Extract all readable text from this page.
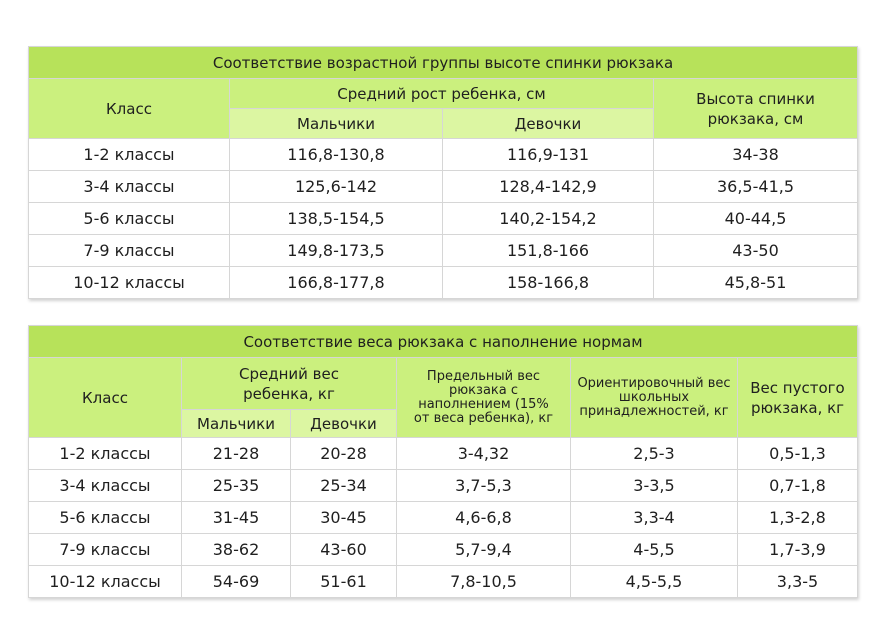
Соответствие возрастной группы высоте спинки рюкзака			
Класс	Средний рост ребенка, см		Высота спинки рюкзака, см
	Мальчики	Девочки	
1-2 классы	116,8-130,8	116,9-131	34-38
3-4 классы	125,6-142	128,4-142,9	36,5-41,5
5-6 классы	138,5-154,5	140,2-154,2	40-44,5
7-9 классы	149,8-173,5	151,8-166	43-50
10-12 классы	166,8-177,8	158-166,8	45,8-51
Соответствие веса рюкзака с наполнение нормам					
Класс	Средний вес ребенка, кг		Предельный вес рюкзака с наполнением (15% от веса ребенка), кг	Ориентировочный вес школьных принадлежностей, кг	Вес пустого рюкзака, кг
	Мальчики	Девочки			
1-2 классы	21-28	20-28	3-4,32	2,5-3	0,5-1,3
3-4 классы	25-35	25-34	3,7-5,3	3-3,5	0,7-1,8
5-6 классы	31-45	30-45	4,6-6,8	3,3-4	1,3-2,8
7-9 классы	38-62	43-60	5,7-9,4	4-5,5	1,7-3,9
10-12 классы	54-69	51-61	7,8-10,5	4,5-5,5	3,3-5
